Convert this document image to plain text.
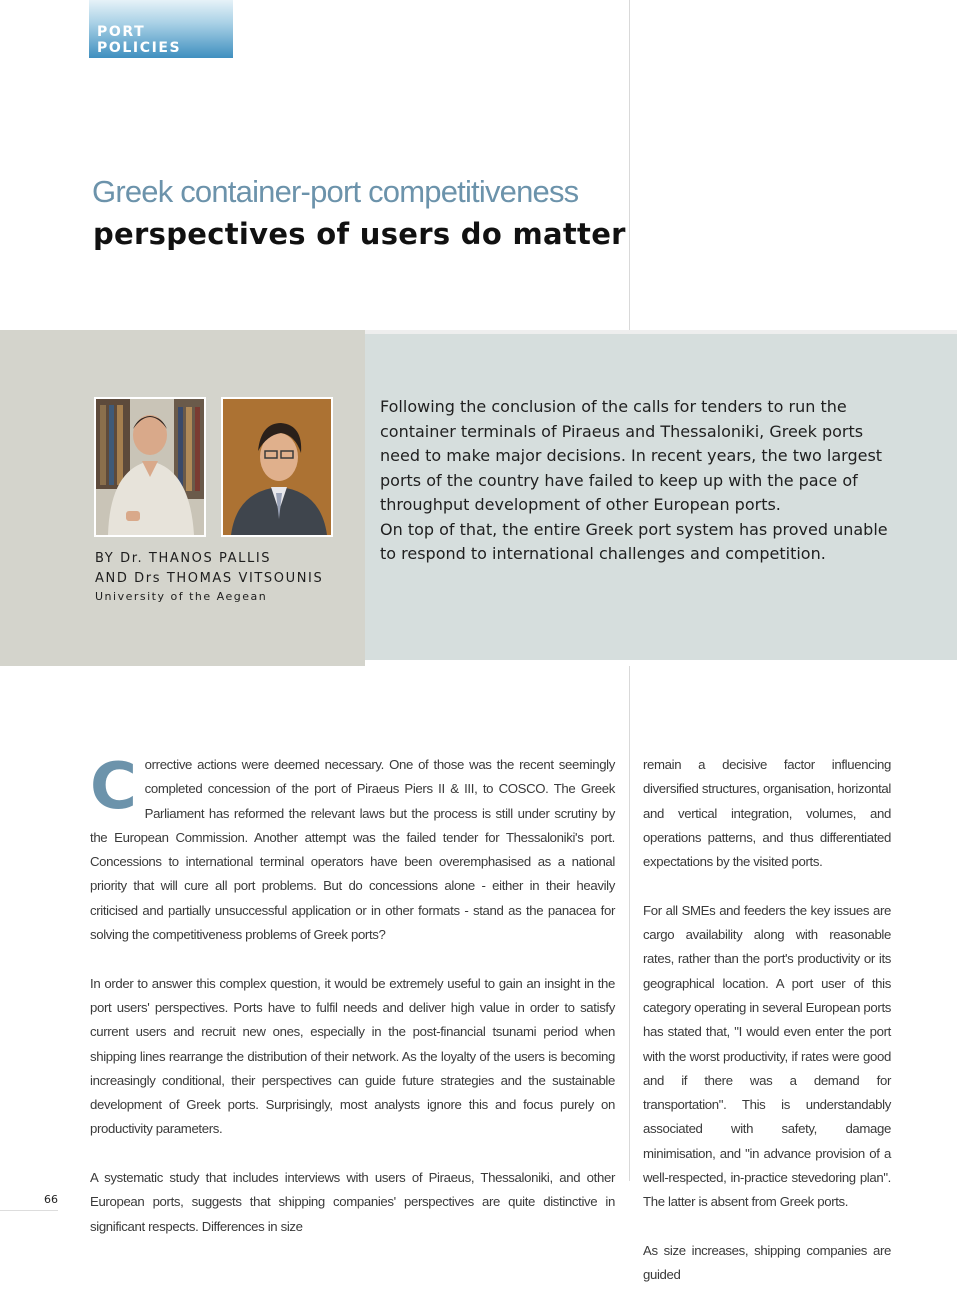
PORT POLICIES
Greek container-port competitiveness
perspectives of users do matter
BY Dr. THANOS PALLIS
AND Drs THOMAS VITSOUNIS
University of the Aegean

Following the conclusion of the calls for tenders to run the container terminals of Piraeus and Thessaloniki, Greek ports need to make major decisions. In recent years, the two largest ports of the country have failed to keep up with the pace of throughput development of other European ports.

On top of that, the entire Greek port system has proved unable to respond to international challenges and competition.

Corrective actions were deemed necessary. One of those was the recent seemingly completed concession of the port of Piraeus Piers II & III, to COSCO. The Greek Parliament has reformed the relevant laws but the process is still under scrutiny by the European Commission. Another attempt was the failed tender for Thessaloniki's port. Concessions to international terminal operators have been overemphasised as a national priority that will cure all port problems. But do concessions alone - either in their heavily criticised and partially unsuccessful application or in other formats - stand as the panacea for solving the competitiveness problems of Greek ports?

In order to answer this complex question, it would be extremely useful to gain an insight in the port users' perspectives. Ports have to fulfil needs and deliver high value in order to satisfy current users and recruit new ones, especially in the post-financial tsunami period when shipping lines rearrange the distribution of their network. As the loyalty of the users is becoming increasingly conditional, their perspectives can guide future strategies and the sustainable development of Greek ports. Surprisingly, most analysts ignore this and focus purely on productivity parameters.

A systematic study that includes interviews with users of Piraeus, Thessaloniki, and other European ports, suggests that shipping companies' perspectives are quite distinctive in significant respects. Differences in size

remain a decisive factor influencing diversified structures, organisation, horizontal and vertical integration, volumes, and operations patterns, and thus differentiated expectations by the visited ports.

For all SMEs and feeders the key issues are cargo availability along with reasonable rates, rather than the port's productivity or its geographical location. A port user of this category operating in several European ports has stated that, "I would even enter the port with the worst productivity, if rates were good and if there was a demand for transportation". This is understandably associated with safety, damage minimisation, and "in advance provision of a well-respected, in-practice stevedoring plan". The latter is absent from Greek ports.

As size increases, shipping companies are guided

66
